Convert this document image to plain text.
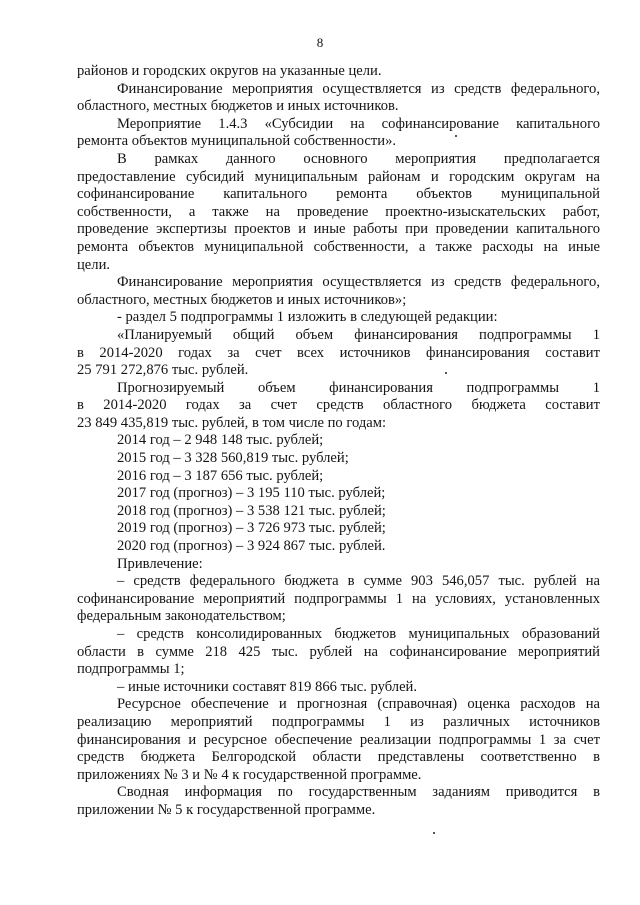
8
районов и городских округов на указанные цели.
Финансирование мероприятия осуществляется из средств федерального,
областного, местных бюджетов и иных источников.
Мероприятие 1.4.3 «Субсидии на софинансирование капитального
ремонта объектов муниципальной собственности».
В рамках данного основного мероприятия предполагается
предоставление субсидий муниципальным районам и городским округам на
софинансирование капитального ремонта объектов муниципальной
собственности, а также на проведение проектно-изыскательских работ,
проведение экспертизы проектов и иные работы при проведении капитального
ремонта объектов муниципальной собственности, а также расходы на иные
цели.
Финансирование мероприятия осуществляется из средств федерального,
областного, местных бюджетов и иных источников»;
- раздел 5 подпрограммы 1 изложить в следующей редакции:
«Планируемый общий объем финансирования подпрограммы 1
в 2014-2020 годах за счет всех источников финансирования составит
25 791 272,876 тыс. рублей.
Прогнозируемый объем финансирования подпрограммы 1
в 2014-2020 годах за счет средств областного бюджета составит
23 849 435,819 тыс. рублей, в том числе по годам:
2014 год – 2 948 148 тыс. рублей;
2015 год – 3 328 560,819 тыс. рублей;
2016 год – 3 187 656 тыс. рублей;
2017 год (прогноз) – 3 195 110 тыс. рублей;
2018 год (прогноз) – 3 538 121 тыс. рублей;
2019 год (прогноз) – 3 726 973 тыс. рублей;
2020 год (прогноз) – 3 924 867 тыс. рублей.
Привлечение:
– средств федерального бюджета в сумме 903 546,057 тыс. рублей на
софинансирование мероприятий подпрограммы 1 на условиях, установленных
федеральным законодательством;
– средств консолидированных бюджетов муниципальных образований
области в сумме 218 425 тыс. рублей на софинансирование мероприятий
подпрограммы 1;
– иные источники составят 819 866 тыс. рублей.
Ресурсное обеспечение и прогнозная (справочная) оценка расходов на
реализацию мероприятий подпрограммы 1 из различных источников
финансирования и ресурсное обеспечение реализации подпрограммы 1 за счет
средств бюджета Белгородской области представлены соответственно в
приложениях № 3 и № 4 к государственной программе.
Сводная информация по государственным заданиям приводится в
приложении № 5 к государственной программе.
